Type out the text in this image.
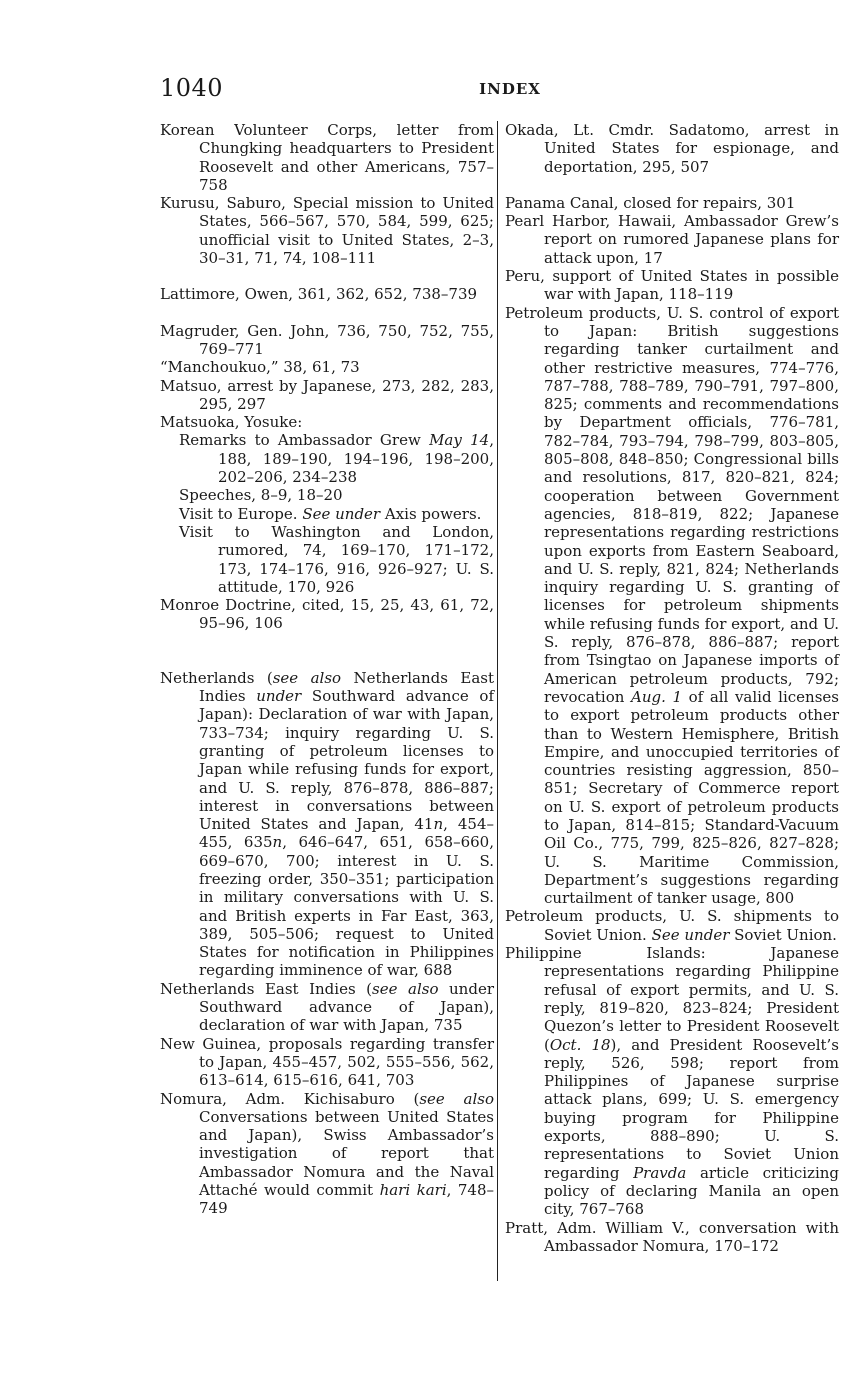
1040	INDEX

Korean Volunteer Corps, letter from Chungking headquarters to President Roosevelt and other Americans, 757–758

Kurusu, Saburo, Special mission to United States, 566–567, 570, 584, 599, 625; unofficial visit to United States, 2–3, 30–31, 71, 74, 108–111

Lattimore, Owen, 361, 362, 652, 738–739

Magruder, Gen. John, 736, 750, 752, 755, 769–771

“Manchoukuo,” 38, 61, 73

Matsuo, arrest by Japanese, 273, 282, 283, 295, 297

Matsuoka, Yosuke:

Remarks to Ambassador Grew May 14, 188, 189–190, 194–196, 198–200, 202–206, 234–238

Speeches, 8–9, 18–20

Visit to Europe. See under Axis powers.

Visit to Washington and London, rumored, 74, 169–170, 171–172, 173, 174–176, 916, 926–927; U. S. attitude, 170, 926

Monroe Doctrine, cited, 15, 25, 43, 61, 72, 95–96, 106

Netherlands (see also Netherlands East Indies under Southward advance of Japan): Declaration of war with Japan, 733–734; inquiry regarding U. S. granting of petroleum licenses to Japan while refusing funds for export, and U. S. reply, 876–878, 886–887; interest in conversations between United States and Japan, 41n, 454–455, 635n, 646–647, 651, 658–660, 669–670, 700; interest in U. S. freezing order, 350–351; participation in military conversations with U. S. and British experts in Far East, 363, 389, 505–506; request to United States for notification in Philippines regarding imminence of war, 688

Netherlands East Indies (see also under Southward advance of Japan), declaration of war with Japan, 735

New Guinea, proposals regarding transfer to Japan, 455–457, 502, 555–556, 562, 613–614, 615–616, 641, 703

Nomura, Adm. Kichisaburo (see also Conversations between United States and Japan), Swiss Ambassador’s investigation of report that Ambassador Nomura and the Naval Attaché would commit hari kari, 748–749

Okada, Lt. Cmdr. Sadatomo, arrest in United States for espionage, and deportation, 295, 507

Panama Canal, closed for repairs, 301

Pearl Harbor, Hawaii, Ambassador Grew’s report on rumored Japanese plans for attack upon, 17

Peru, support of United States in possible war with Japan, 118–119

Petroleum products, U. S. control of export to Japan: British suggestions regarding tanker curtailment and other restrictive measures, 774–776, 787–788, 788–789, 790–791, 797–800, 825; comments and recommendations by Department officials, 776–781, 782–784, 793–794, 798–799, 803–805, 805–808, 848–850; Congressional bills and resolutions, 817, 820–821, 824; cooperation between Government agencies, 818–819, 822; Japanese representations regarding restrictions upon exports from Eastern Seaboard, and U. S. reply, 821, 824; Netherlands inquiry regarding U. S. granting of licenses for petroleum shipments while refusing funds for export, and U. S. reply, 876–878, 886–887; report from Tsingtao on Japanese imports of American petroleum products, 792; revocation Aug. 1 of all valid licenses to export petroleum products other than to Western Hemisphere, British Empire, and unoccupied territories of countries resisting aggression, 850–851; Secretary of Commerce report on U. S. export of petroleum products to Japan, 814–815; Standard-Vacuum Oil Co., 775, 799, 825–826, 827–828; U. S. Maritime Commission, Department’s suggestions regarding curtailment of tanker usage, 800

Petroleum products, U. S. shipments to Soviet Union. See under Soviet Union.

Philippine Islands: Japanese representations regarding Philippine refusal of export permits, and U. S. reply, 819–820, 823–824; President Quezon’s letter to President Roosevelt (Oct. 18), and President Roosevelt’s reply, 526, 598; report from Philippines of Japanese surprise attack plans, 699; U. S. emergency buying program for Philippine exports, 888–890; U. S. representations to Soviet Union regarding Pravda article criticizing policy of declaring Manila an open city, 767–768

Pratt, Adm. William V., conversation with Ambassador Nomura, 170–172
